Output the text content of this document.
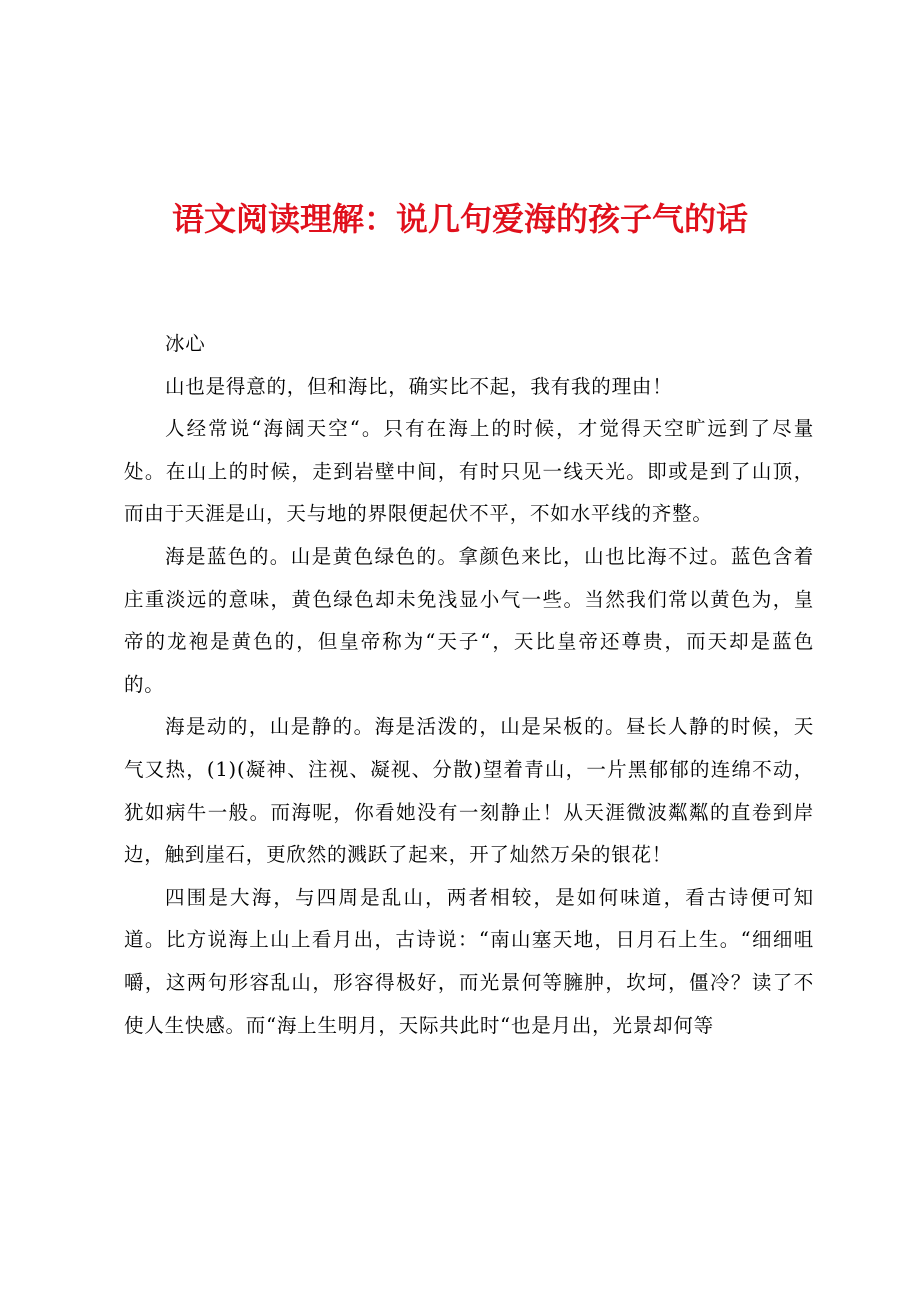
语文阅读理解：说几句爱海的孩子气的话

冰心

山也是得意的，但和海比，确实比不起，我有我的理由！

人经常说“海阔天空“。只有在海上的时候，才觉得天空旷远到了尽量处。在山上的时候，走到岩壁中间，有时只见一线天光。即或是到了山顶，而由于天涯是山，天与地的界限便起伏不平，不如水平线的齐整。

海是蓝色的。山是黄色绿色的。拿颜色来比，山也比海不过。蓝色含着庄重淡远的意味，黄色绿色却未免浅显小气一些。当然我们常以黄色为，皇帝的龙袍是黄色的，但皇帝称为“天子“，天比皇帝还尊贵，而天却是蓝色的。

海是动的，山是静的。海是活泼的，山是呆板的。昼长人静的时候，天气又热，(1)(凝神、注视、凝视、分散)望着青山，一片黑郁郁的连绵不动，犹如病牛一般。而海呢，你看她没有一刻静止！从天涯微波粼粼的直卷到岸边，触到崖石，更欣然的溅跃了起来，开了灿然万朵的银花！

四围是大海，与四周是乱山，两者相较，是如何味道，看古诗便可知道。比方说海上山上看月出，古诗说：“南山塞天地，日月石上生。“细细咀嚼，这两句形容乱山，形容得极好，而光景何等臃肿，坎坷，僵冷？读了不使人生快感。而“海上生明月，天际共此时“也是月出，光景却何等
